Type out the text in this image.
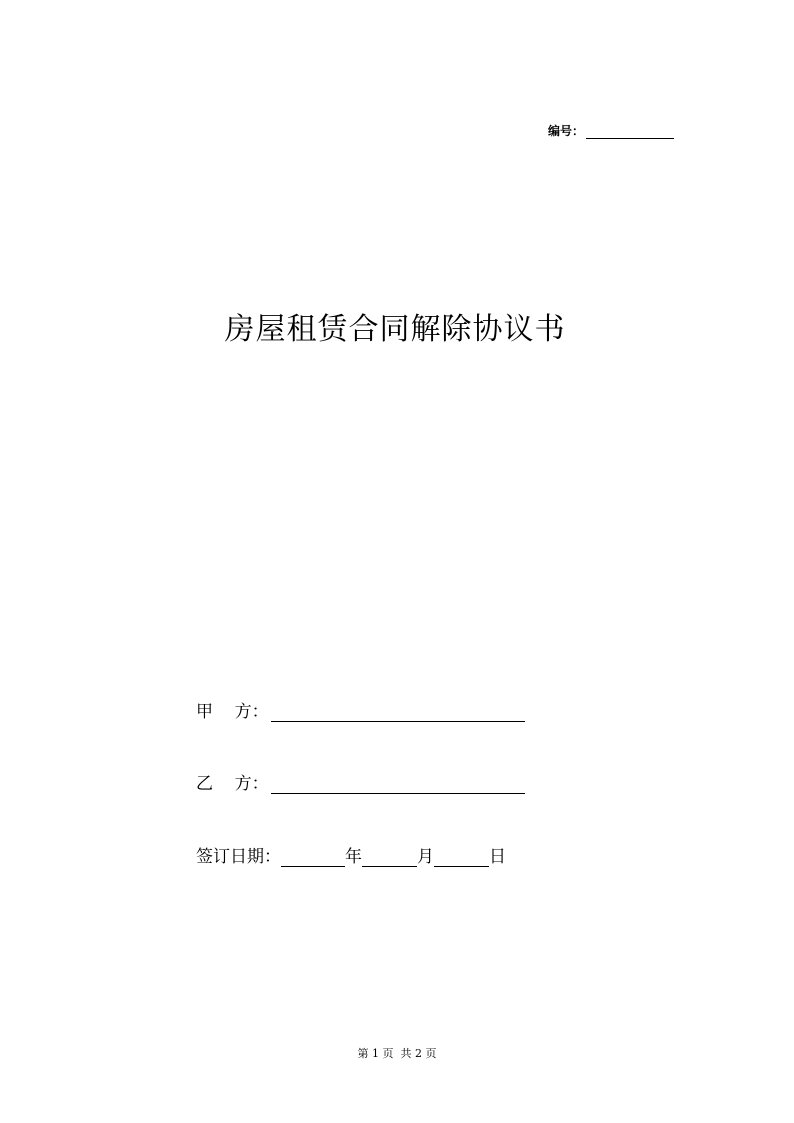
编号：
房屋租赁合同解除协议书
甲    方：
乙    方：
签订日期：	年	月	日
第 1 页  共 2 页
